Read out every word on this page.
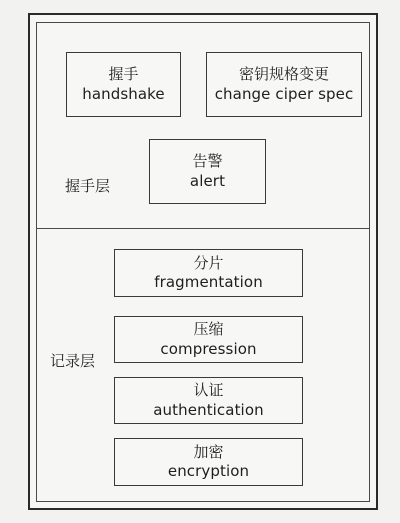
握手
handshake
密钥规格变更
change ciper spec
告警
alert
握手层
分片
fragmentation
压缩
compression
认证
authentication
加密
encryption
记录层
